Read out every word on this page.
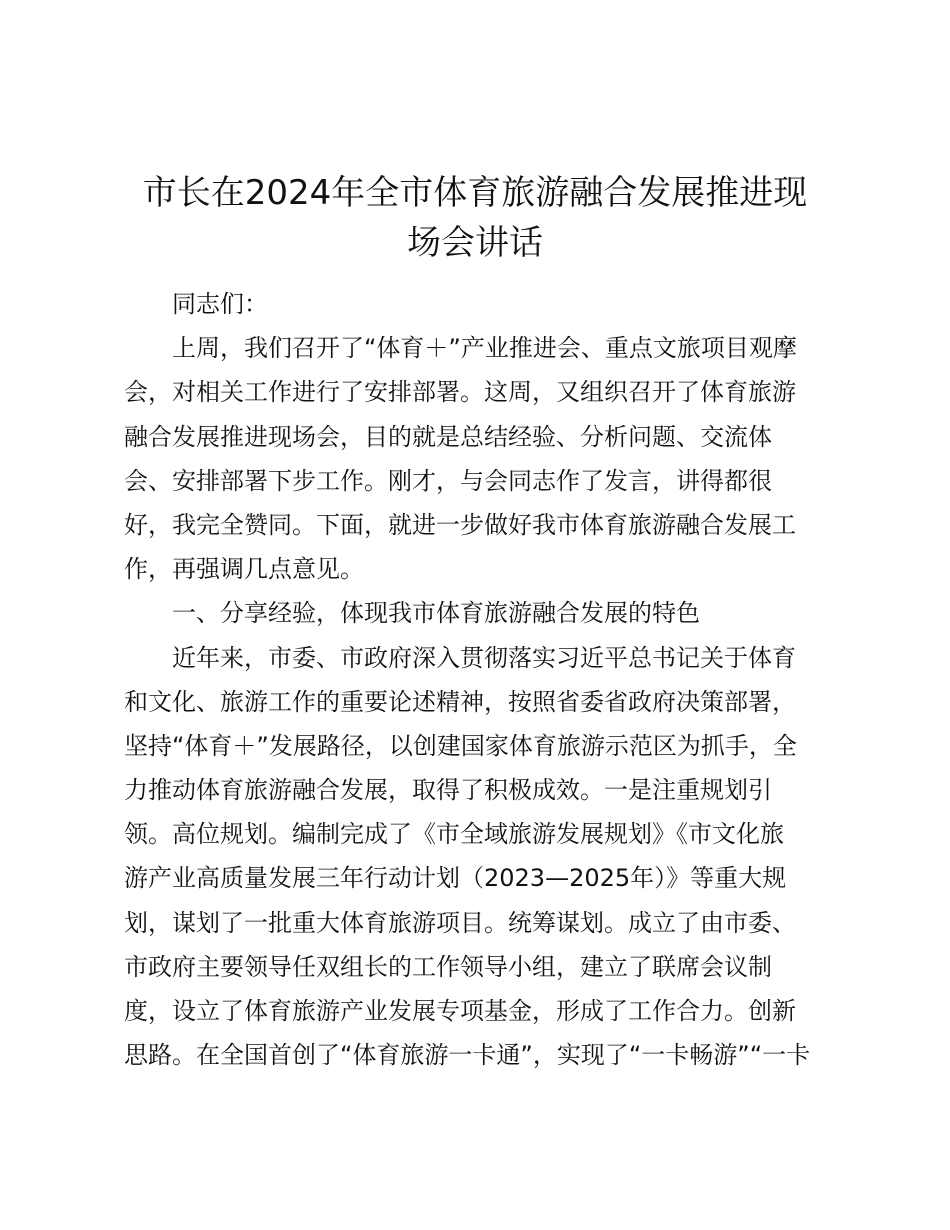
市长在2024年全市体育旅游融合发展推进现
场会讲话
同志们：
上周，我们召开了“体育＋”产业推进会、重点文旅项目观摩
会，对相关工作进行了安排部署。这周，又组织召开了体育旅游
融合发展推进现场会，目的就是总结经验、分析问题、交流体
会、安排部署下步工作。刚才，与会同志作了发言，讲得都很
好，我完全赞同。下面，就进一步做好我市体育旅游融合发展工
作，再强调几点意见。
一、分享经验，体现我市体育旅游融合发展的特色
近年来，市委、市政府深入贯彻落实习近平总书记关于体育
和文化、旅游工作的重要论述精神，按照省委省政府决策部署，
坚持“体育＋”发展路径，以创建国家体育旅游示范区为抓手，全
力推动体育旅游融合发展，取得了积极成效。一是注重规划引
领。高位规划。编制完成了《市全域旅游发展规划》《市文化旅
游产业高质量发展三年行动计划（2023—2025年）》等重大规
划，谋划了一批重大体育旅游项目。统筹谋划。成立了由市委、
市政府主要领导任双组长的工作领导小组，建立了联席会议制
度，设立了体育旅游产业发展专项基金，形成了工作合力。创新
思路。在全国首创了“体育旅游一卡通”，实现了“一卡畅游”“一卡
